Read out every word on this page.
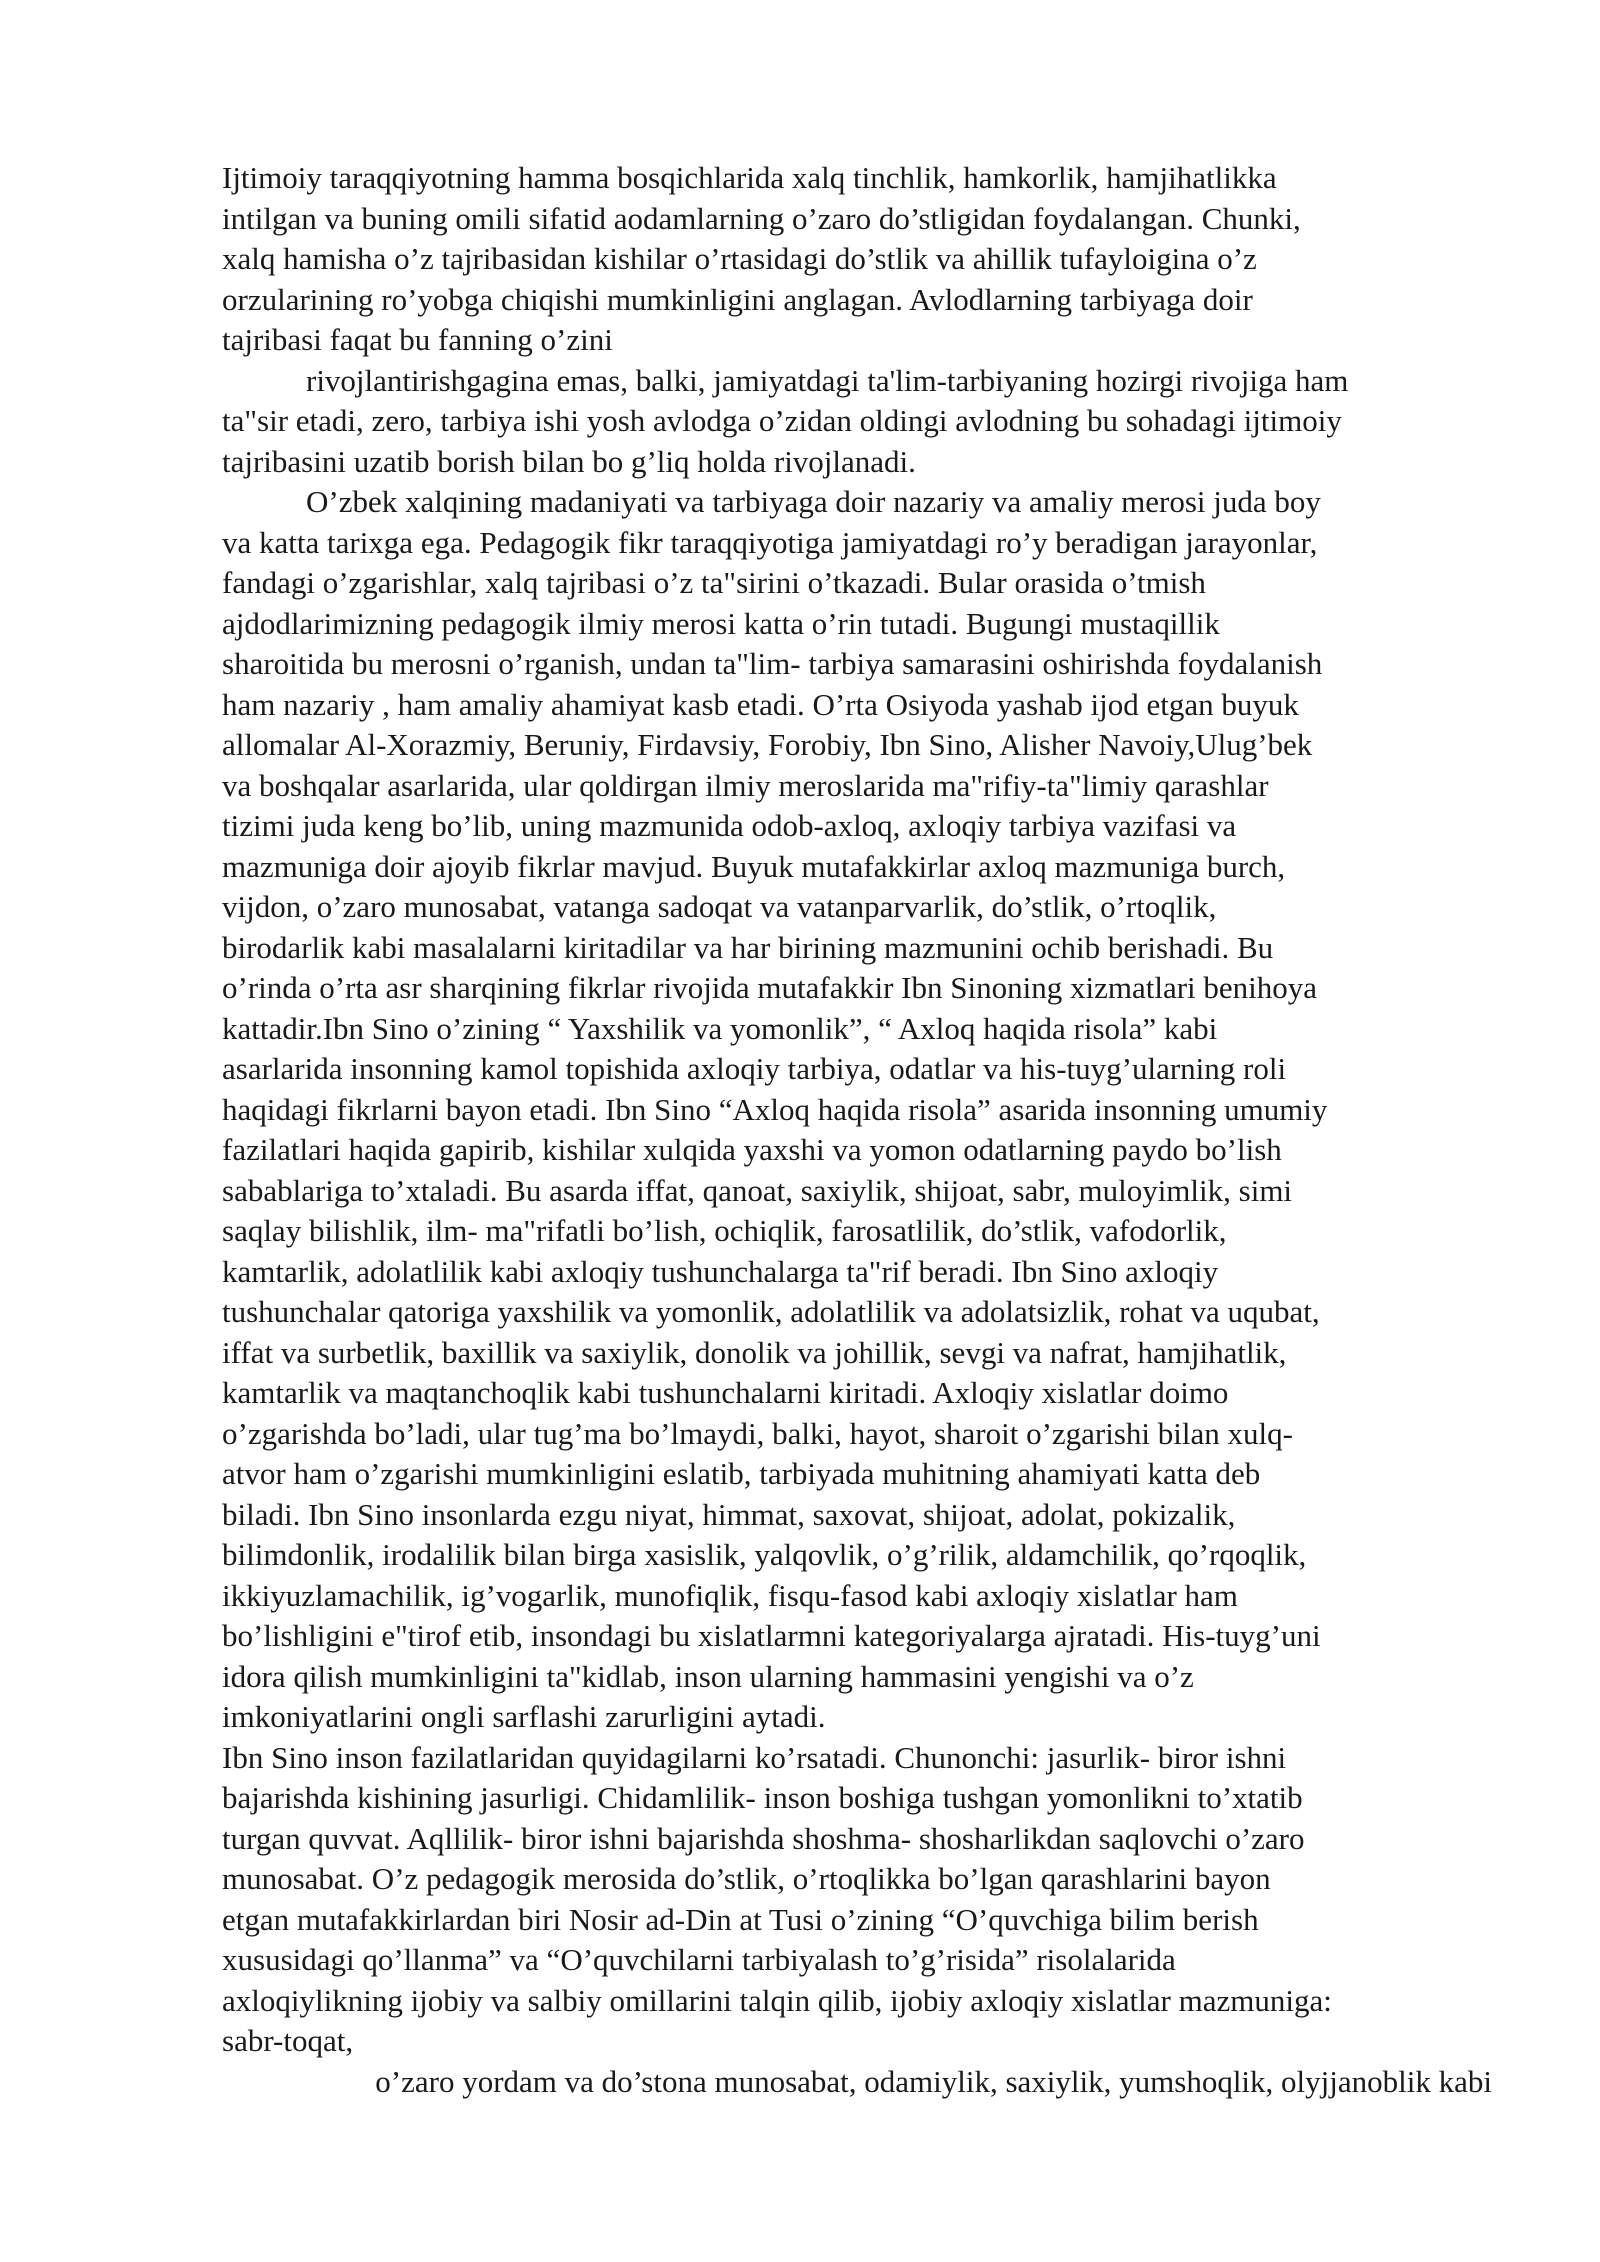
Ijtimoiy taraqqiyotning hamma bosqichlarida xalq tinchlik, hamkorlik, hamjihatlikka
intilgan va buning omili sifatid aodamlarning o’zaro do’stligidan foydalangan. Chunki,
xalq hamisha o’z tajribasidan kishilar o’rtasidagi do’stlik va ahillik tufayloigina o’z
orzularining ro’yobga chiqishi mumkinligini anglagan. Avlodlarning tarbiyaga doir
tajribasi faqat bu fanning o’zini
rivojlantirishgagina emas, balki, jamiyatdagi ta'lim-tarbiyaning hozirgi rivojiga ham
ta"sir etadi, zero, tarbiya ishi yosh avlodga o’zidan oldingi avlodning bu sohadagi ijtimoiy
tajribasini uzatib borish bilan bo g’liq holda rivojlanadi.
O’zbek xalqining madaniyati va tarbiyaga doir nazariy va amaliy merosi juda boy
va katta tarixga ega. Pedagogik fikr taraqqiyotiga jamiyatdagi ro’y beradigan jarayonlar,
fandagi o’zgarishlar, xalq tajribasi o’z ta"sirini o’tkazadi. Bular orasida o’tmish
ajdodlarimizning pedagogik ilmiy merosi katta o’rin tutadi. Bugungi mustaqillik
sharoitida bu merosni o’rganish, undan ta"lim- tarbiya samarasini oshirishda foydalanish
ham nazariy , ham amaliy ahamiyat kasb etadi. O’rta Osiyoda yashab ijod etgan buyuk
allomalar Al-Xorazmiy, Beruniy, Firdavsiy, Forobiy, Ibn Sino, Alisher Navoiy,Ulug’bek
va boshqalar asarlarida, ular qoldirgan ilmiy meroslarida ma"rifiy-ta"limiy qarashlar
tizimi juda keng bo’lib, uning mazmunida odob-axloq, axloqiy tarbiya vazifasi va
mazmuniga doir ajoyib fikrlar mavjud. Buyuk mutafakkirlar axloq mazmuniga burch,
vijdon, o’zaro munosabat, vatanga sadoqat va vatanparvarlik, do’stlik, o’rtoqlik,
birodarlik kabi masalalarni kiritadilar va har birining mazmunini ochib berishadi. Bu
o’rinda o’rta asr sharqining fikrlar rivojida mutafakkir Ibn Sinoning xizmatlari benihoya
kattadir.Ibn Sino o’zining “ Yaxshilik va yomonlik”, “ Axloq haqida risola” kabi
asarlarida insonning kamol topishida axloqiy tarbiya, odatlar va his-tuyg’ularning roli
haqidagi fikrlarni bayon etadi. Ibn Sino “Axloq haqida risola” asarida insonning umumiy
fazilatlari haqida gapirib, kishilar xulqida yaxshi va yomon odatlarning paydo bo’lish
sabablariga to’xtaladi. Bu asarda iffat, qanoat, saxiylik, shijoat, sabr, muloyimlik, simi
saqlay bilishlik, ilm- ma"rifatli bo’lish, ochiqlik, farosatlilik, do’stlik, vafodorlik,
kamtarlik, adolatlilik kabi axloqiy tushunchalarga ta"rif beradi. Ibn Sino axloqiy
tushunchalar qatoriga yaxshilik va yomonlik, adolatlilik va adolatsizlik, rohat va uqubat,
iffat va surbetlik, baxillik va saxiylik, donolik va johillik, sevgi va nafrat, hamjihatlik,
kamtarlik va maqtanchoqlik kabi tushunchalarni kiritadi. Axloqiy xislatlar doimo
o’zgarishda bo’ladi, ular tug’ma bo’lmaydi, balki, hayot, sharoit o’zgarishi bilan xulq-
atvor ham o’zgarishi mumkinligini eslatib, tarbiyada muhitning ahamiyati katta deb
biladi. Ibn Sino insonlarda ezgu niyat, himmat, saxovat, shijoat, adolat, pokizalik,
bilimdonlik, irodalilik bilan birga xasislik, yalqovlik, o’g’rilik, aldamchilik, qo’rqoqlik,
ikkiyuzlamachilik, ig’vogarlik, munofiqlik, fisqu-fasod kabi axloqiy xislatlar ham
bo’lishligini e"tirof etib, insondagi bu xislatlarmni kategoriyalarga ajratadi. His-tuyg’uni
idora qilish mumkinligini ta"kidlab, inson ularning hammasini yengishi va o’z
imkoniyatlarini ongli sarflashi zarurligini aytadi.
Ibn Sino inson fazilatlaridan quyidagilarni ko’rsatadi. Chunonchi: jasurlik- biror ishni
bajarishda kishining jasurligi. Chidamlilik- inson boshiga tushgan yomonlikni to’xtatib
turgan quvvat. Aqllilik- biror ishni bajarishda shoshma- shosharlikdan saqlovchi o’zaro
munosabat. O’z pedagogik merosida do’stlik, o’rtoqlikka bo’lgan qarashlarini bayon
etgan mutafakkirlardan biri Nosir ad-Din at Tusi o’zining “O’quvchiga bilim berish
xususidagi qo’llanma” va “O’quvchilarni tarbiyalash to’g’risida” risolalarida
axloqiylikning ijobiy va salbiy omillarini talqin qilib, ijobiy axloqiy xislatlar mazmuniga:
sabr-toqat,
o’zaro yordam va do’stona munosabat, odamiylik, saxiylik, yumshoqlik, olyjjanoblik kabi
